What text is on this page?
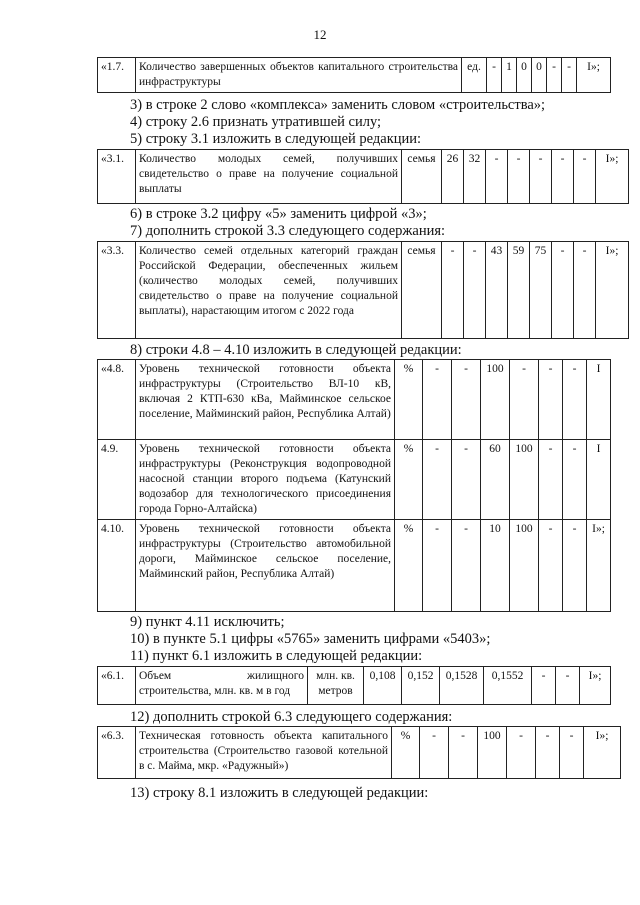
12
«1.7.	Количество завершенных объектов капитального строительства инфраструктуры	ед.	-	1	0	0	-	-	I»;
3) в строке 2 слово «комплекса» заменить словом «строительства»;
4) строку 2.6 признать утратившей силу;
5) строку 3.1 изложить в следующей редакции:
«3.1.	Количество молодых семей, получивших свидетельство о праве на получение социальной выплаты	семья	26	32	-	-	-	-	-	I»;
6) в строке 3.2 цифру «5» заменить цифрой «3»;
7) дополнить строкой 3.3 следующего содержания:
«3.3.	Количество семей отдельных категорий граждан Российской Федерации, обеспеченных жильем (количество молодых семей, получивших свидетельство о праве на получение социальной выплаты), нарастающим итогом с 2022 года	семья	-	-	43	59	75	-	-	I»;
8) строки 4.8 – 4.10 изложить в следующей редакции:
«4.8.	Уровень технической готовности объекта инфраструктуры (Строительство ВЛ-10 кВ, включая 2 КТП-630 кВа, Майминское сельское поселение, Майминский район, Республика Алтай)	%	-	-	100	-	-	-	I
4.9.	Уровень технической готовности объекта инфраструктуры (Реконструкция водопроводной насосной станции второго подъема (Катунский водозабор для технологического присоединения города Горно-Алтайска)	%	-	-	60	100	-	-	I
4.10.	Уровень технической готовности объекта инфраструктуры (Строительство автомобильной дороги, Майминское сельское поселение, Майминский район, Республика Алтай)	%	-	-	10	100	-	-	I»;
9) пункт 4.11 исключить;
10) в пункте 5.1 цифры «5765» заменить цифрами «5403»;
11) пункт 6.1 изложить в следующей редакции:
«6.1.	Объем жилищного строительства, млн. кв. м в год	млн. кв. метров	0,108	0,152	0,1528	0,1552	-	-	I»;
12) дополнить строкой 6.3 следующего содержания:
«6.3.	Техническая готовность объекта капитального строительства (Строительство газовой котельной в с. Майма, мкр. «Радужный»)	%	-	-	100	-	-	-	I»;
13) строку 8.1 изложить в следующей редакции:
